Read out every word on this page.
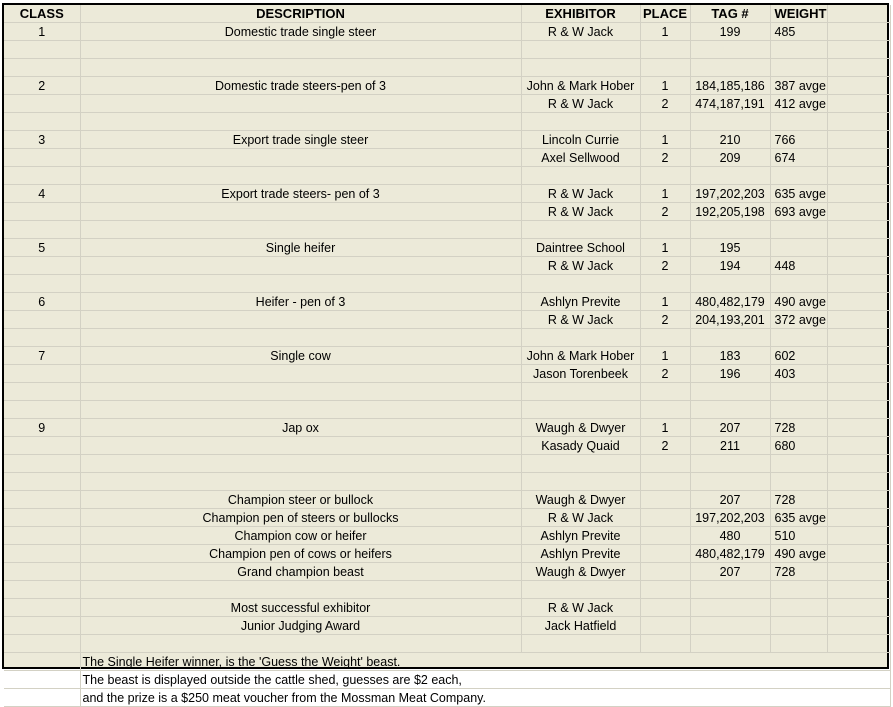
CLASS	DESCRIPTION	EXHIBITOR	PLACE	TAG #	WEIGHT	
1	Domestic trade single steer	R & W Jack	1	199	485	

2	Domestic trade steers-pen of 3	John & Mark Hober	1	184,185,186	387 avge	
		R & W Jack	2	474,187,191	412 avge	

3	Export trade single steer	Lincoln Currie	1	210	766	
		Axel Sellwood	2	209	674	

4	Export trade steers- pen of 3	R & W Jack	1	197,202,203	635 avge	
		R & W Jack	2	192,205,198	693 avge	

5	Single heifer	Daintree School	1	195		
		R & W Jack	2	194	448	

6	Heifer - pen of 3	Ashlyn Previte	1	480,482,179	490 avge	
		R & W Jack	2	204,193,201	372 avge	

7	Single cow	John & Mark Hober	1	183	602	
		Jason Torenbeek	2	196	403	

9	Jap ox	Waugh & Dwyer	1	207	728	
		Kasady Quaid	2	211	680	

	Champion steer or bullock	Waugh & Dwyer		207	728	
	Champion pen of steers or bullocks	R & W Jack		197,202,203	635 avge	
	Champion cow or heifer	Ashlyn Previte		480	510	
	Champion pen of cows or heifers	Ashlyn Previte		480,482,179	490 avge	
	Grand champion beast	Waugh & Dwyer		207	728	

	Most successful exhibitor	R & W Jack				
	Junior Judging Award	Jack Hatfield				

	The Single Heifer winner, is the 'Guess the Weight' beast.					
	The beast is displayed outside the cattle shed, guesses are $2 each,					
	and the prize is a $250 meat voucher from the Mossman Meat Company.					
